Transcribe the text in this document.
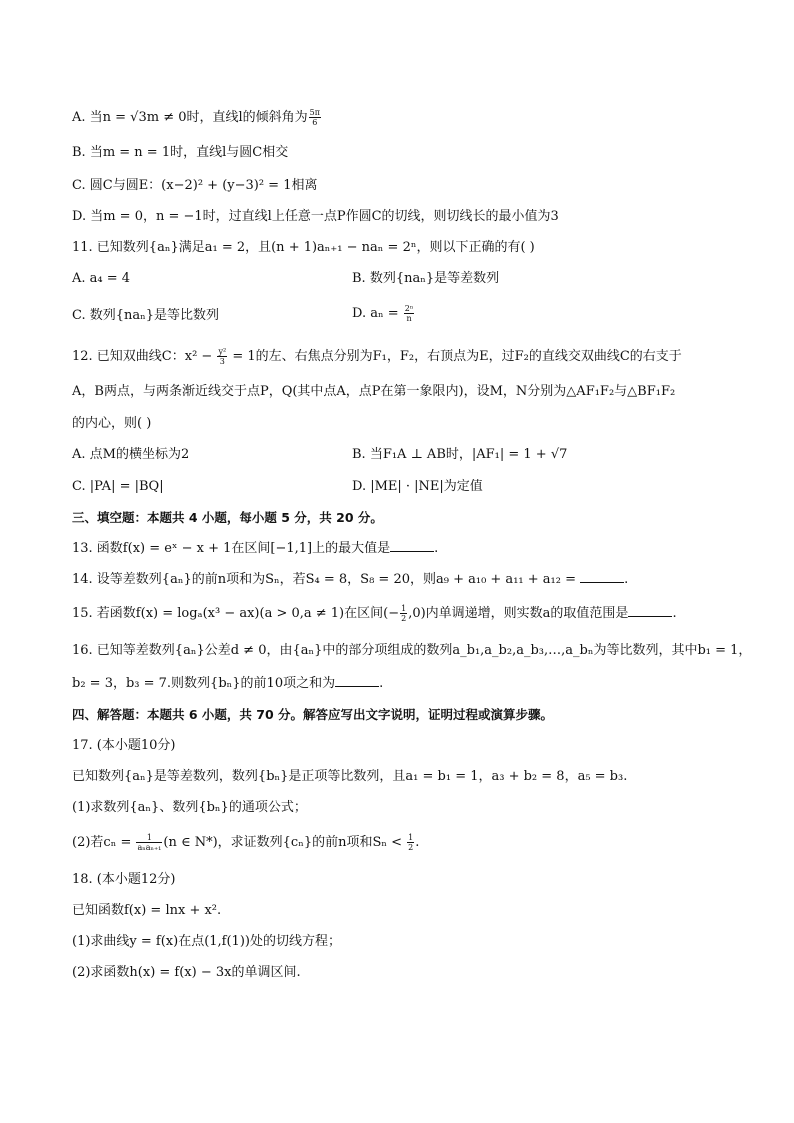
A. 当n = √3m ≠ 0时，直线l的倾斜角为 $\frac{5\pi}{6}$
B. 当m = n = 1时，直线l与圆C相交
C. 圆C与圆E：(x−2)² + (y−3)² = 1相离
D. 当m = 0，n = −1时，过直线l上任意一点P作圆C的切线，则切线长的最小值为3
11. 已知数列{aₙ}满足a₁ = 2，且(n + 1)aₙ₊₁ − naₙ = 2ⁿ，则以下正确的有( )
A. a₄ = 4	B. 数列{naₙ}是等差数列
C. 数列{naₙ}是等比数列	D. $a_n = \frac{\text{2ⁿ}}{n}$
12. 已知双曲线C：$x^2 - \frac{\text{y²}}{3} = 1$的左、右焦点分别为F₁，F₂，右顶点为E，过F₂的直线交双曲线C的右支于
A，B两点，与两条渐近线交于点P，Q(其中点A，点P在第一象限内)，设M，N分别为△AF₁F₂与△BF₁F₂
的内心，则( )
A. 点M的横坐标为2	B. 当F₁A ⊥ AB时，|AF₁| = 1 + √7
C. |PA| = |BQ|	D. |ME| · |NE|为定值
三、填空题：本题共 4 小题，每小题 5 分，共 20 分。
13. 函数f(x) = eˣ − x + 1在区间[−1,1]上的最大值是	.
14. 设等差数列{aₙ}的前n项和为Sₙ，若S₄ = 8，S₈ = 20，则a₉ + a₁₀ + a₁₁ + a₁₂ =	.
15. 若函数f(x) = logₐ(x³ − ax)(a > 0,a ≠ 1)在区间(− $\frac{1}{2} ,0$)内单调递增，则实数a的取值范围是	.
16. 已知等差数列{aₙ}公差d ≠ 0，由{aₙ}中的部分项组成的数列a_b₁,a_b₂,a_b₃,…,a_bₙ为等比数列，其中b₁ = 1，
b₂ = 3，b₃ = 7.则数列{bₙ}的前10项之和为	.
四、解答题：本题共 6 小题，共 70 分。解答应写出文字说明，证明过程或演算步骤。
17. (本小题10分)
已知数列{aₙ}是等差数列，数列{bₙ}是正项等比数列，且a₁ = b₁ = 1，a₃ + b₂ = 8，a₅ = b₃.
(1)求数列{aₙ}、数列{bₙ}的通项公式；
(2)若$c_n = \frac{1}{\text{aₙaₙ₊₁}} (n$ ∈ N*)，求证数列{cₙ}的前n项和$S_n < \frac{1}{2}$ .
18. (本小题12分)
已知函数f(x) = lnx + x².
(1)求曲线y = f(x)在点(1,f(1))处的切线方程；
(2)求函数h(x) = f(x) − 3x的单调区间.
